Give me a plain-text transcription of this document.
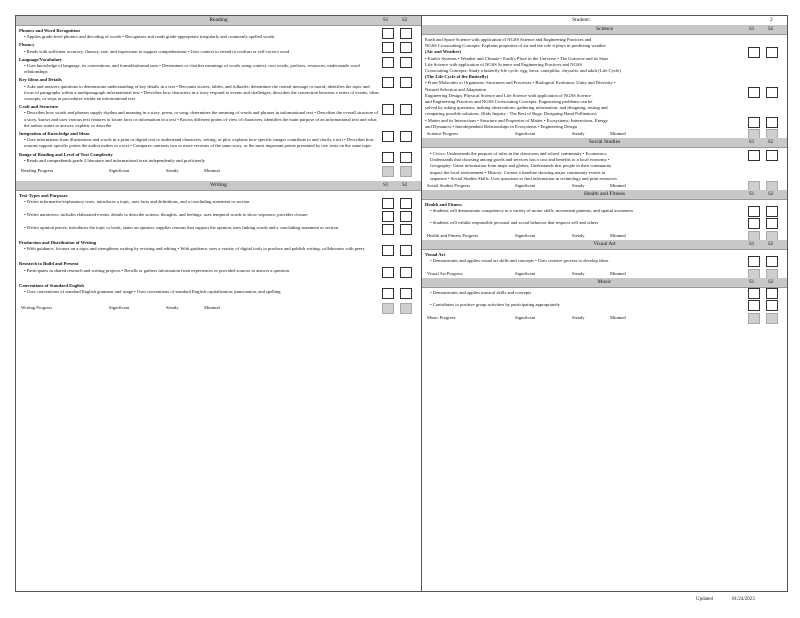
Reading	S1	S2
Phonics and Word Recognition
• Applies grade-level phonics and decoding of words • Recognizes and reads grade-appropriate irregularly and commonly spelled words
Fluency
• Reads with sufficient accuracy, fluency, rate, and expression to support comprehension • Uses context to reread to confirm or self-correct word
Language/Vocabulary
• Uses knowledge of language, its conventions, and formal/informal uses • Determines or clarifies meanings of words using context, root words, prefixes, resources; understands word relationships
Key Ideas and Details
• Asks and answers questions to demonstrate understanding of key details in a text • Recounts stories, fables, and folktales; determines the central message or moral; identifies the topic and focus of paragraphs within a multiparagraph informational text • Describes how characters in a story respond to events and challenges; describes the connection between a series of events, ideas concepts, or steps in procedures within an informational text
Craft and Structure
• Describes how words and phrases supply rhythm and meaning in a story, poem, or song; determines the meaning of words and phrases in informational text • Describes the overall structure of a story, knows and uses various text features to locate facts or information in a text • Knows different points of view of characters, identifies the main purpose of an informational text and what the author wants to answer, explain, or describe
Integration of Knowledge and Ideas
• Uses information from illustrations and words in a print or digital text to understand characters, setting, or plot, explains how specific images contribute to and clarify a text • Describes how reasons support specific points the author makes in a text • Compares contrasts two or more versions of the same story, or the most important points presented by two texts on the same topic
Range of Reading and Level of Text Complexity
• Reads and comprehends grade 2 literature and informational texts independently and proficiently
Reading Progress	Significant	Steady	Minimal
Writing	S1	S2
Text Types and Purposes
• Writes informative/explanatory texts; introduces a topic, uses facts and definitions, and a concluding statement or section
• Writes narratives; includes elaborated events, details to describe actions, thoughts, and feelings; uses temporal words to show sequence, provides closure
• Writes opinion pieces; introduces the topic or book, states an opinion, supplies reasons that support the opinion, uses linking words and a concluding statement or section
Production and Distribution of Writing
• With guidance, focuses on a topic and strengthens writing by revising and editing • With guidance, uses a variety of digital tools to produce and publish writing, collaborates with peers
Research to Build and Present
• Participates in shared research and writing projects • Recalls or gathers information from experiences or provided sources to answer a question
Conventions of Standard English
• Uses conventions of standard English grammar and usage • Uses conventions of standard English capitalization, punctuation, and spelling
Writing Progress	Significant	Steady	Minimal
Student:	2
Science	S1	S2
Earth and Space Science with application of NGSS Science and Engineering Practices and
NGSS Crosscutting Concepts: Explains properties of air and the role it plays in predicting weather
(Air and Weather)
• Earth's Systems • Weather and Climate • Earth's Place in the Universe • The Universe and its Stars
Life Science with application of NGSS Science and Engineering Practices and NGSS
Crosscutting Concepts: Study a butterfly life cycle: egg, larva, caterpillar, chrysalis, and adult (Life Cycle)
(The Life Cycle of the Butterfly)
• From Molecules to Organisms: Structures and Processes • Biological Evolution: Unity and Diversity •
Natural Selection and Adaptation
Engineering Design, Physical Science and Life Science with application of NGSS Science
and Engineering Practices and NGSS Crosscutting Concepts: Engineering problems can be
solved by asking questions, making observations, gathering information, and designing, testing and
comparing possible solutions. (Kids Inquiry - The Best of Bugs: Designing Hand Pollinators)
• Matter and its Interactions • Structure and Properties of Matter • Ecosystems: Interactions, Energy
and Dynamics • Interdependent Relationships in Ecosystems • Engineering Design
Science Progress	Significant	Steady	Minimal
Social Studies	S1	S2
• Civics: Understands the purpose of rules in the classroom and school community • Economics:
Understands that choosing among goods and services has a cost and benefits to a local economy •
Geography: Gains information from maps and globes; Understands that people in their community
impact the local environment • History: Creates a timeline showing major community events in
sequence • Social Studies Skills: Uses questions to find information in technology and print resources
Social Studies Progress	Significant	Steady	Minimal
Health and Fitness	S1	S2
Health and Fitness
• Students will demonstrate competency in a variety of motor skills, movement patterns, and spatial awareness
• Students will exhibit responsible personal and social behavior that respects self and others
Health and Fitness Progress	Significant	Steady	Minimal
Visual Art	S1	S2
Visual Art
• Demonstrates and applies visual art skills and concepts • Uses creative process to develop ideas
Visual Art Progress	Significant	Steady	Minimal
Music	S1	S2
• Demonstrates and applies musical skills and concepts
• Contributes to positive group activities by participating appropriately
Music Progress	Significant	Steady	Minimal
Updated	01/24/2023
